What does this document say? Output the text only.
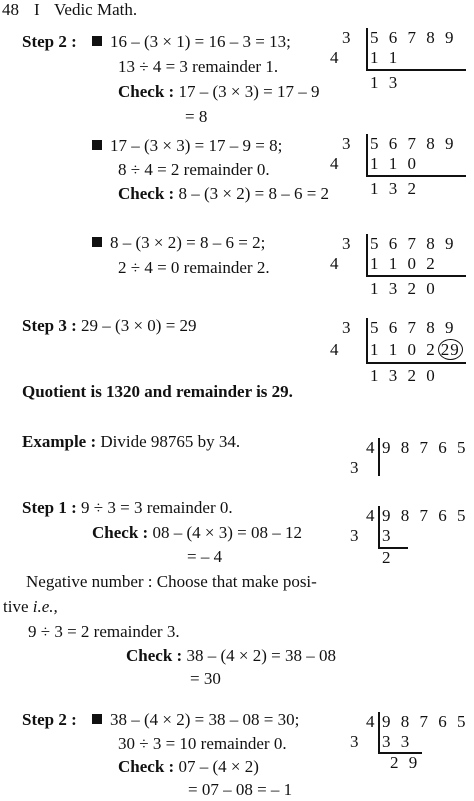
48 I Vedic Math.
Step 2 :	16 – (3 × 1) = 16 – 3 = 13;
13 ÷ 4 = 3 remainder 1.
Check : 17 – (3 × 3) = 17 – 9
= 8
3 5 6 7 8 9
4 1 1
1 3
17 – (3 × 3) = 17 – 9 = 8;
8 ÷ 4 = 2 remainder 0.
Check : 8 – (3 × 2) = 8 – 6 = 2
3 5 6 7 8 9
4 1 1 0
1 3 2
8 – (3 × 2) = 8 – 6 = 2;
2 ÷ 4 = 0 remainder 2.
3 5 6 7 8 9
4 1 1 0 2
1 3 2 0
Step 3 : 29 – (3 × 0) = 29	3 5 6 7 8 9
4 1 1 0 2 29
1 3 2 0
Quotient is 1320 and remainder is 29.
Example : Divide 98765 by 34.	4 9 8 7 6 5
3
Step 1 : 9 ÷ 3 = 3 remainder 0.
Check : 08 – (4 × 3) = 08 – 12
= – 4
4 9 8 7 6 5
3 3
2
Negative number : Choose that make posi-
tive i.e.,
9 ÷ 3 = 2 remainder 3.
Check : 38 – (4 × 2) = 38 – 08
= 30
Step 2 :	38 – (4 × 2) = 38 – 08 = 30;
30 ÷ 3 = 10 remainder 0.
Check : 07 – (4 × 2)
= 07 – 08 = – 1
4 9 8 7 6 5
3 3 3
2 9
